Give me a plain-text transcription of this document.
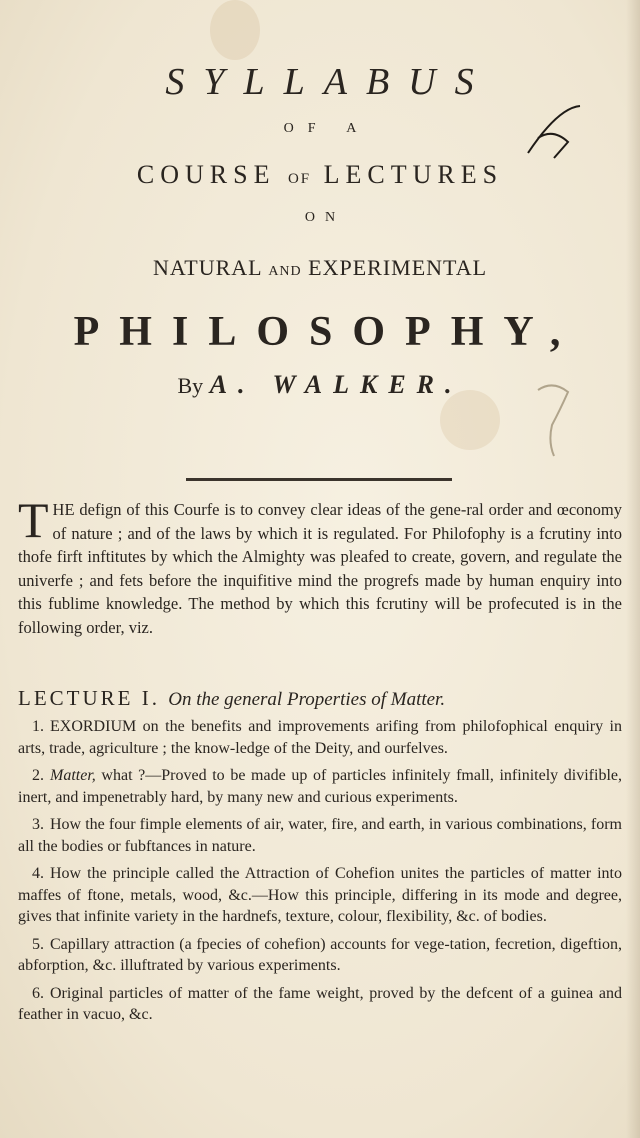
SYLLABUS
OF A
COURSE OF LECTURES
ON
NATURAL AND EXPERIMENTAL
PHILOSOPHY,
By A. WALKER.
THE defign of this Courfe is to convey clear ideas of the gene-ral order and œconomy of nature ; and of the laws by which it is regulated. For Philofophy is a fcrutiny into thofe firft inftitutes by which the Almighty was pleafed to create, govern, and regulate the univerfe ; and fets before the inquifitive mind the progrefs made by human enquiry into this fublime knowledge. The method by which this fcrutiny will be profecuted is in the following order, viz.
LECTURE I. On the general Properties of Matter.

1. EXORDIUM on the benefits and improvements arifing from philofophical enquiry in arts, trade, agriculture ; the know-ledge of the Deity, and ourfelves.

2. Matter, what ?—Proved to be made up of particles infinitely fmall, infinitely divifible, inert, and impenetrably hard, by many new and curious experiments.

3. How the four fimple elements of air, water, fire, and earth, in various combinations, form all the bodies or fubftances in nature.

4. How the principle called the Attraction of Cohefion unites the particles of matter into maffes of ftone, metals, wood, &c.—How this principle, differing in its mode and degree, gives that infinite variety in the hardnefs, texture, colour, flexibility, &c. of bodies.

5. Capillary attraction (a fpecies of cohefion) accounts for vege-tation, fecretion, digeftion, abforption, &c. illuftrated by various experiments.

6. Original particles of matter of the fame weight, proved by the defcent of a guinea and feather in vacuo, &c.
